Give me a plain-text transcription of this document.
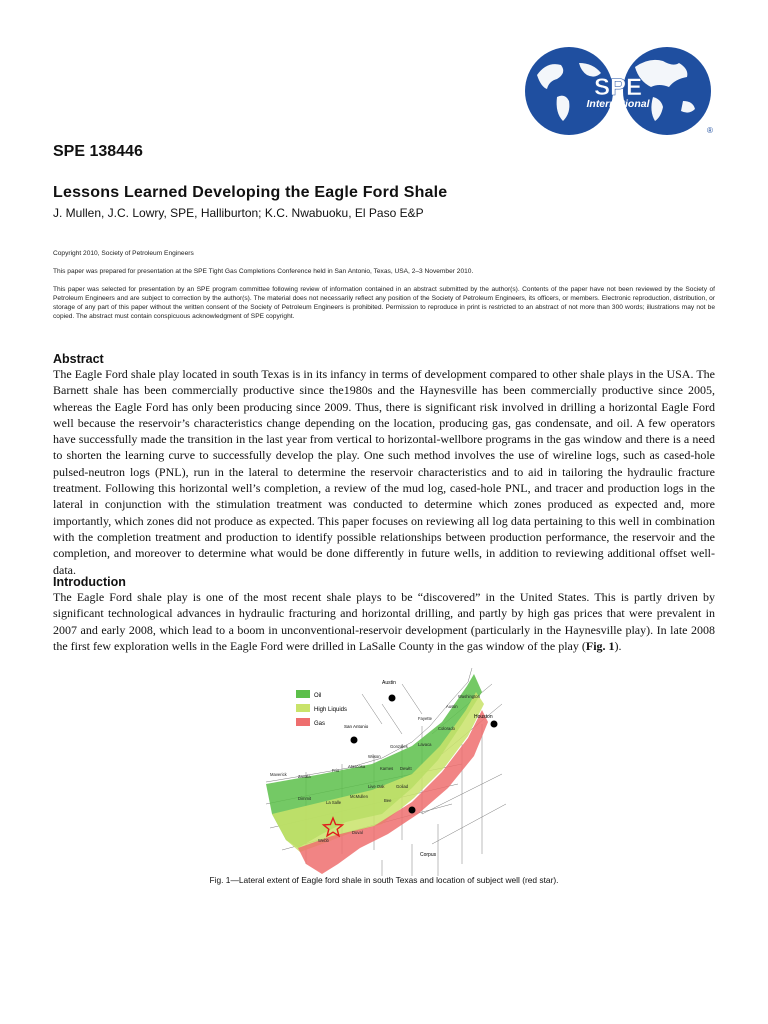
SPE
International
®
SPE 138446
Lessons Learned Developing the Eagle Ford Shale
J. Mullen, J.C. Lowry, SPE, Halliburton; K.C. Nwabuoku, El Paso E&P
Copyright 2010, Society of Petroleum Engineers
This paper was prepared for presentation at the SPE Tight Gas Completions Conference held in San Antonio, Texas, USA, 2–3 November 2010.
This paper was selected for presentation by an SPE program committee following review of information contained in an abstract submitted by the author(s). Contents of the paper have not been reviewed by the Society of Petroleum Engineers and are subject to correction by the author(s). The material does not necessarily reflect any position of the Society of Petroleum Engineers, its officers, or members. Electronic reproduction, distribution, or storage of any part of this paper without the written consent of the Society of Petroleum Engineers is prohibited. Permission to reproduce in print is restricted to an abstract of not more than 300 words; illustrations may not be copied. The abstract must contain conspicuous acknowledgment of SPE copyright.
Abstract
The Eagle Ford shale play located in south Texas is in its infancy in terms of development compared to other shale plays in the USA. The Barnett shale has been commercially productive since the1980s and the Haynesville has been commercially productive since 2005, whereas the Eagle Ford has only been producing since 2009. Thus, there is significant risk involved in drilling a horizontal Eagle Ford well because the reservoir’s characteristics change depending on the location, producing gas, gas condensate, and oil. A few operators have successfully made the transition in the last year from vertical to horizontal-wellbore programs in the gas window and there is a need to shorten the learning curve to successfully develop the play. One such method involves the use of wireline logs, such as cased-hole pulsed-neutron logs (PNL), run in the lateral to determine the reservoir characteristics and to aid in tailoring the hydraulic fracture treatment. Following this horizontal well’s completion, a review of the mud log, cased-hole PNL, and tracer and production logs in the lateral in conjunction with the stimulation treatment was conducted to determine which zones produced as expected and, more importantly, which zones did not produce as expected. This paper focuses on reviewing all log data pertaining to this well in combination with the completion treatment and production to identify possible relationships between production performance, the reservoir and the completion, and moreover to determine what would be done differently in future wells, in addition to reviewing additional offset well-data.
Introduction
The Eagle Ford shale play is one of the most recent shale plays to be “discovered” in the United States. This is partly driven by significant technological advances in hydraulic fracturing and horizontal drilling, and partly by high gas prices that were prevalent in 2007 and early 2008, which lead to a boom in unconventional-reservoir development (particularly in the Haynesville play). In late 2008 the first few exploration wells in the Eagle Ford were drilled in LaSalle County in the gas window of the play (Fig. 1).
Oil
High Liquids
Gas
Austin
San Antonio
Houston
Corpus
Washington
Fayette
Austin
Colorado
Gonzales Lavaca
Wilson
Karnes Dewitt
Atascosa
Goliad
Frio
Zavala
Maverick
Dimmit
La Salle
McMullen
Live Oak
Bee
Webb
Duval
Fig. 1—Lateral extent of Eagle ford shale in south Texas and location of subject well (red star).
